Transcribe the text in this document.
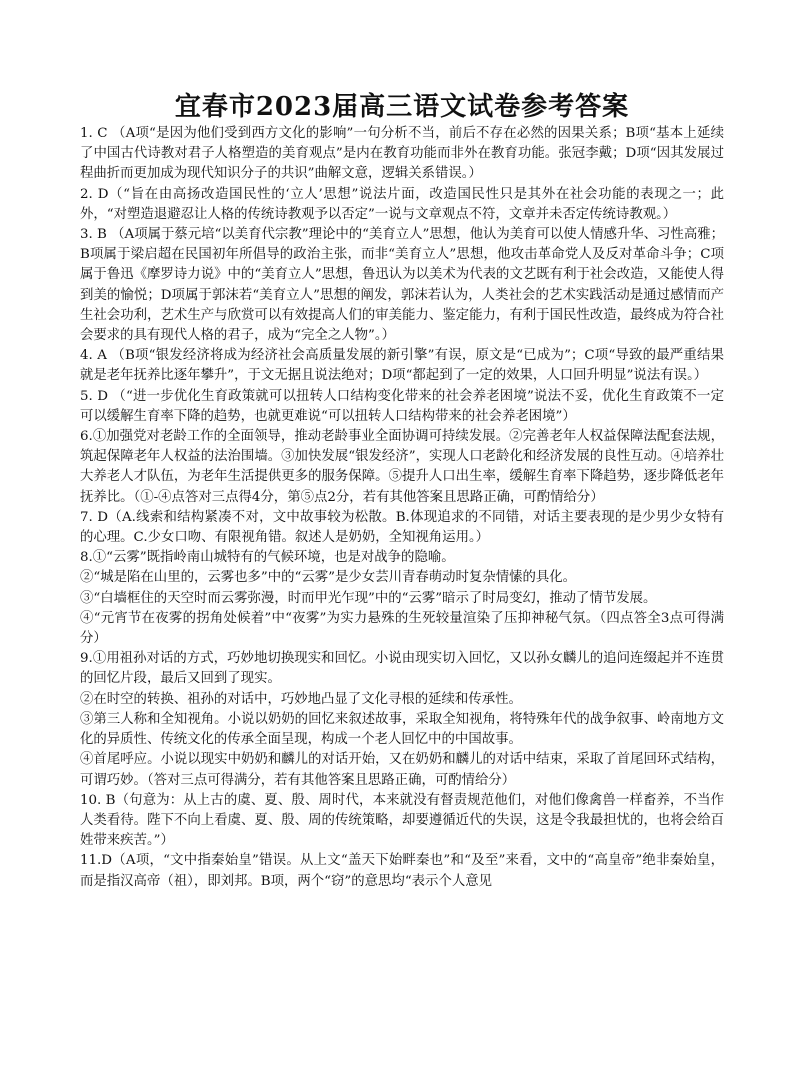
宜春市2023届高三语文试卷参考答案

1. C （A项“是因为他们受到西方文化的影响”一句分析不当，前后不存在必然的因果关系；B项“基本上延续了中国古代诗教对君子人格塑造的美育观点”是内在教育功能而非外在教育功能。张冠李戴；D项“因其发展过程曲折而更加成为现代知识分子的共识”曲解文意，逻辑关系错误。）

2. D（“旨在由高扬改造国民性的‘立人’思想”说法片面，改造国民性只是其外在社会功能的表现之一；此外，“对塑造退避忍让人格的传统诗教观予以否定”一说与文章观点不符，文章并未否定传统诗教观。）

3. B （A项属于蔡元培“以美育代宗教”理论中的“美育立人”思想，他认为美育可以使人情感升华、习性高雅；B项属于梁启超在民国初年所倡导的政治主张，而非“美育立人”思想，他攻击革命党人及反对革命斗争；C项属于鲁迅《摩罗诗力说》中的“美育立人”思想，鲁迅认为以美术为代表的文艺既有利于社会改造，又能使人得到美的愉悦；D项属于郭沫若“美育立人”思想的阐发，郭沫若认为，人类社会的艺术实践活动是通过感情而产生社会功利，艺术生产与欣赏可以有效提高人们的审美能力、鉴定能力，有利于国民性改造，最终成为符合社会要求的具有现代人格的君子，成为“完全之人物”。）

4. A （B项“银发经济将成为经济社会高质量发展的新引擎”有误，原文是“已成为”；C项“导致的最严重结果就是老年抚养比逐年攀升”，于文无据且说法绝对；D项“都起到了一定的效果，人口回升明显”说法有误。）

5. D （“进一步优化生育政策就可以扭转人口结构变化带来的社会养老困境”说法不妥，优化生育政策不一定可以缓解生育率下降的趋势，也就更难说“可以扭转人口结构带来的社会养老困境”）

6.①加强党对老龄工作的全面领导，推动老龄事业全面协调可持续发展。②完善老年人权益保障法配套法规，筑起保障老年人权益的法治围墙。③加快发展“银发经济”，实现人口老龄化和经济发展的良性互动。④培养壮大养老人才队伍，为老年生活提供更多的服务保障。⑤提升人口出生率，缓解生育率下降趋势，逐步降低老年抚养比。（①-④点答对三点得4分，第⑤点2分，若有其他答案且思路正确，可酌情给分）

7. D（A.线索和结构紧凑不对，文中故事较为松散。B.体现追求的不同错，对话主要表现的是少男少女特有的心理。C.少女口吻、有限视角错。叙述人是奶奶，全知视角运用。）

8.①“云雾”既指岭南山城特有的气候环境，也是对战争的隐喻。

②“城是陷在山里的，云雾也多”中的“云雾”是少女芸川青春萌动时复杂情愫的具化。

③“白墙框住的天空时而云雾弥漫，时而甲光乍现”中的“云雾”暗示了时局变幻，推动了情节发展。

④“元宵节在夜雾的拐角处候着”中“夜雾”为实力悬殊的生死较量渲染了压抑神秘气氛。（四点答全3点可得满分）

9.①用祖孙对话的方式，巧妙地切换现实和回忆。小说由现实切入回忆，又以孙女麟儿的追问连缀起并不连贯的回忆片段，最后又回到了现实。

②在时空的转换、祖孙的对话中，巧妙地凸显了文化寻根的延续和传承性。

③第三人称和全知视角。小说以奶奶的回忆来叙述故事，采取全知视角，将特殊年代的战争叙事、岭南地方文化的异质性、传统文化的传承全面呈现，构成一个老人回忆中的中国故事。

④首尾呼应。小说以现实中奶奶和麟儿的对话开始，又在奶奶和麟儿的对话中结束，采取了首尾回环式结构，可谓巧妙。（答对三点可得满分，若有其他答案且思路正确，可酌情给分）

10. B（句意为：从上古的虞、夏、殷、周时代，本来就没有督责规范他们，对他们像禽兽一样畜养，不当作人类看待。陛下不向上看虞、夏、殷、周的传统策略，却要遵循近代的失误，这是令我最担忧的，也将会给百姓带来疾苦。”）

11.D（A项，“文中指秦始皇”错误。从上文“盖天下始畔秦也”和“及至”来看，文中的“高皇帝”绝非秦始皇，而是指汉高帝（祖），即刘邦。B项，两个“窃”的意思均“表示个人意见
